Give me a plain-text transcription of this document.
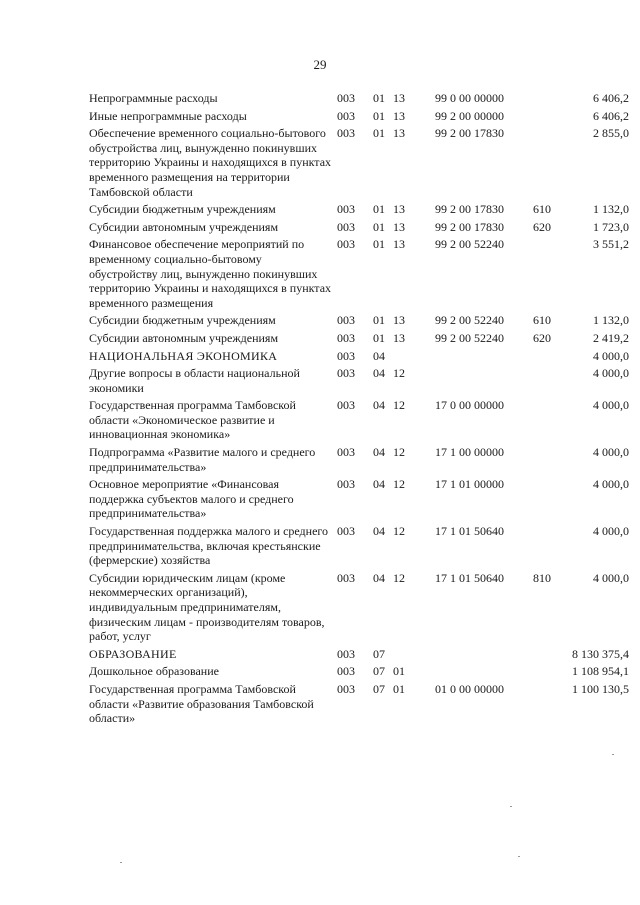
29
Непрограммные расходы	003	01	13	99 0 00 00000		6 406,2
Иные непрограммные расходы	003	01	13	99 2 00 00000		6 406,2
Обеспечение временного социально-бытового обустройства лиц, вынужденно покинувших территорию Украины и находящихся в пунктах временного размещения на территории Тамбовской области	003	01	13	99 2 00 17830		2 855,0
Субсидии бюджетным учреждениям	003	01	13	99 2 00 17830	610	1 132,0
Субсидии автономным учреждениям	003	01	13	99 2 00 17830	620	1 723,0
Финансовое обеспечение мероприятий по временному социально-бытовому обустройству лиц, вынужденно покинувших территорию Украины и находящихся в пунктах временного размещения	003	01	13	99 2 00 52240		3 551,2
Субсидии бюджетным учреждениям	003	01	13	99 2 00 52240	610	1 132,0
Субсидии автономным учреждениям	003	01	13	99 2 00 52240	620	2 419,2
НАЦИОНАЛЬНАЯ ЭКОНОМИКА	003	04				4 000,0
Другие вопросы в области национальной экономики	003	04	12			4 000,0
Государственная программа Тамбовской области «Экономическое развитие и инновационная экономика»	003	04	12	17 0 00 00000		4 000,0
Подпрограмма «Развитие малого и среднего предпринимательства»	003	04	12	17 1 00 00000		4 000,0
Основное мероприятие «Финансовая поддержка субъектов малого и среднего предпринимательства»	003	04	12	17 1 01 00000		4 000,0
Государственная поддержка малого и среднего предпринимательства, включая крестьянские (фермерские) хозяйства	003	04	12	17 1 01 50640		4 000,0
Субсидии юридическим лицам (кроме некоммерческих организаций), индивидуальным предпринимателям, физическим лицам - производителям товаров, работ, услуг	003	04	12	17 1 01 50640	810	4 000,0
ОБРАЗОВАНИЕ	003	07				8 130 375,4
Дошкольное образование	003	07	01			1 108 954,1
Государственная программа Тамбовской области «Развитие образования Тамбовской области»	003	07	01	01 0 00 00000		1 100 130,5
